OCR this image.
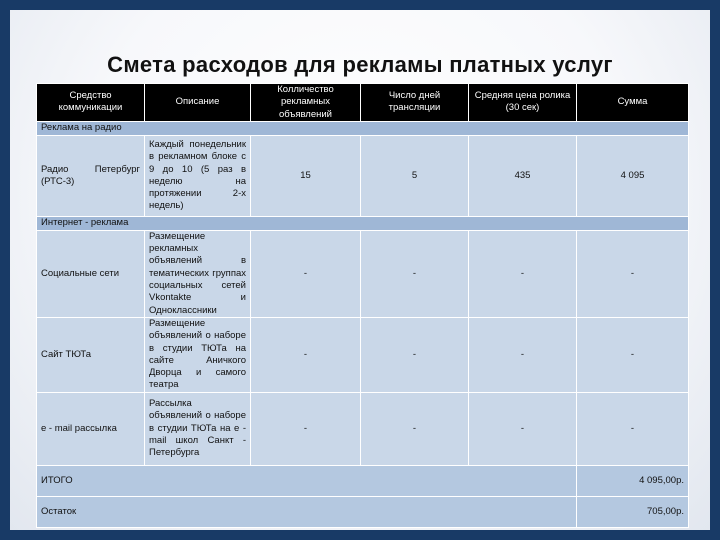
Смета расходов для рекламы платных услуг
Средство коммуникации	Описание	Колличество рекламных объявлений	Число дней трансляции	Средняя цена ролика (30 сек)	Сумма
Реклама на радио					
Радио Петербург (РТС-3)	Каждый понедельник в рекламном блоке с 9 до 10 (5 раз в неделю на протяжении 2-х недель)	15	5	435	4 095
Интернет - реклама					
Социальные сети	Размещение рекламных объявлений в тематических группах социальных сетей Vkontakte и Одноклассники	-	-	-	-
Сайт ТЮТа	Размещение объявлений о наборе в студии ТЮТа на сайте Аничкого Дворца и самого театра	-	-	-	-
e - mail рассылка	Рассылка объявлений о наборе в студии ТЮТа на e - mail школ Санкт - Петербурга	-	-	-	-
ИТОГО					4 095,00р.
Остаток					705,00р.
